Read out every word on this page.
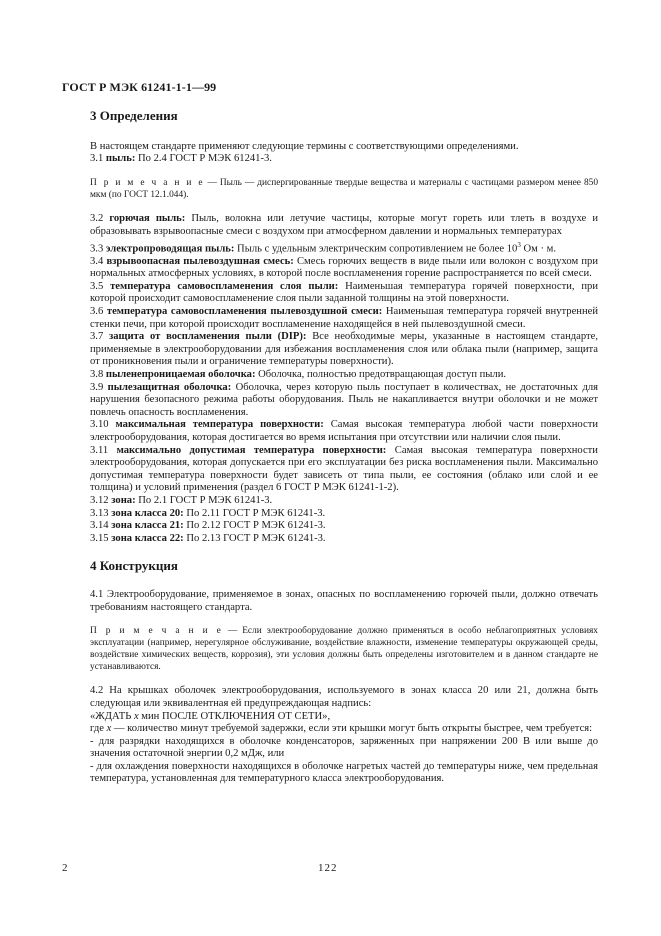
ГОСТ Р МЭК 61241-1-1—99
3 Определения

В настоящем стандарте применяют следующие термины с соответствующими определениями.

3.1 пыль: По 2.4 ГОСТ Р МЭК 61241-3.

П р и м е ч а н и е — Пыль — диспергированные твердые вещества и материалы с частицами размером менее 850 мкм (по ГОСТ 12.1.044).

3.2 горючая пыль: Пыль, волокна или летучие частицы, которые могут гореть или тлеть в воздухе и образовывать взрывоопасные смеси с воздухом при атмосферном давлении и нормальных температурах

3.3 электропроводящая пыль: Пыль с удельным электрическим сопротивлением не более $10^3$ Ом · м.

3.4 взрывоопасная пылевоздушная смесь: Смесь горючих веществ в виде пыли или волокон с воздухом при нормальных атмосферных условиях, в которой после воспламенения горение распространяется по всей смеси.

3.5 температура самовоспламенения слоя пыли: Наименьшая температура горячей поверхности, при которой происходит самовоспламенение слоя пыли заданной толщины на этой поверхности.

3.6 температура самовоспламенения пылевоздушной смеси: Наименьшая температура горячей внутренней стенки печи, при которой происходит воспламенение находящейся в ней пылевоздушной смеси.

3.7 защита от воспламенения пыли (DIP): Все необходимые меры, указанные в настоящем стандарте, применяемые в электрооборудовании для избежания воспламенения слоя или облака пыли (например, защита от проникновения пыли и ограничение температуры поверхности).

3.8 пыленепроницаемая оболочка: Оболочка, полностью предотвращающая доступ пыли.

3.9 пылезащитная оболочка: Оболочка, через которую пыль поступает в количествах, не достаточных для нарушения безопасного режима работы оборудования. Пыль не накапливается внутри оболочки и не может повлечь опасность воспламенения.

3.10 максимальная температура поверхности: Самая высокая температура любой части поверхности электрооборудования, которая достигается во время испытания при отсутствии или наличии слоя пыли.

3.11 максимально допустимая температура поверхности: Самая высокая температура поверхности электрооборудования, которая допускается при его эксплуатации без риска воспламенения пыли. Максимально допустимая температура поверхности будет зависеть от типа пыли, ее состояния (облако или слой и ее толщина) и условий применения (раздел 6 ГОСТ Р МЭК 61241-1-2).

3.12 зона: По 2.1 ГОСТ Р МЭК 61241-3.

3.13 зона класса 20: По 2.11 ГОСТ Р МЭК 61241-3.

3.14 зона класса 21: По 2.12 ГОСТ Р МЭК 61241-3.

3.15 зона класса 22: По 2.13 ГОСТ Р МЭК 61241-3.

4 Конструкция

4.1 Электрооборудование, применяемое в зонах, опасных по воспламенению горючей пыли, должно отвечать требованиям настоящего стандарта.

П р и м е ч а н и е — Если электрооборудование должно применяться в особо неблагоприятных условиях эксплуатации (например, нерегулярное обслуживание, воздействие влажности, изменение температуры окружающей среды, воздействие химических веществ, коррозия), эти условия должны быть определены изготовителем и в данном стандарте не устанавливаются.

4.2 На крышках оболочек электрооборудования, используемого в зонах класса 20 или 21, должна быть следующая или эквивалентная ей предупреждающая надпись:

«ЖДАТЬ x мин ПОСЛЕ ОТКЛЮЧЕНИЯ ОТ СЕТИ»,

где x — количество минут требуемой задержки, если эти крышки могут быть открыты быстрее, чем требуется:

- для разрядки находящихся в оболочке конденсаторов, заряженных при напряжении 200 В или выше до значения остаточной энергии 0,2 мДж, или

- для охлаждения поверхности находящихся в оболочке нагретых частей до температуры ниже, чем предельная температура, установленная для температурного класса электрооборудования.

2	122
